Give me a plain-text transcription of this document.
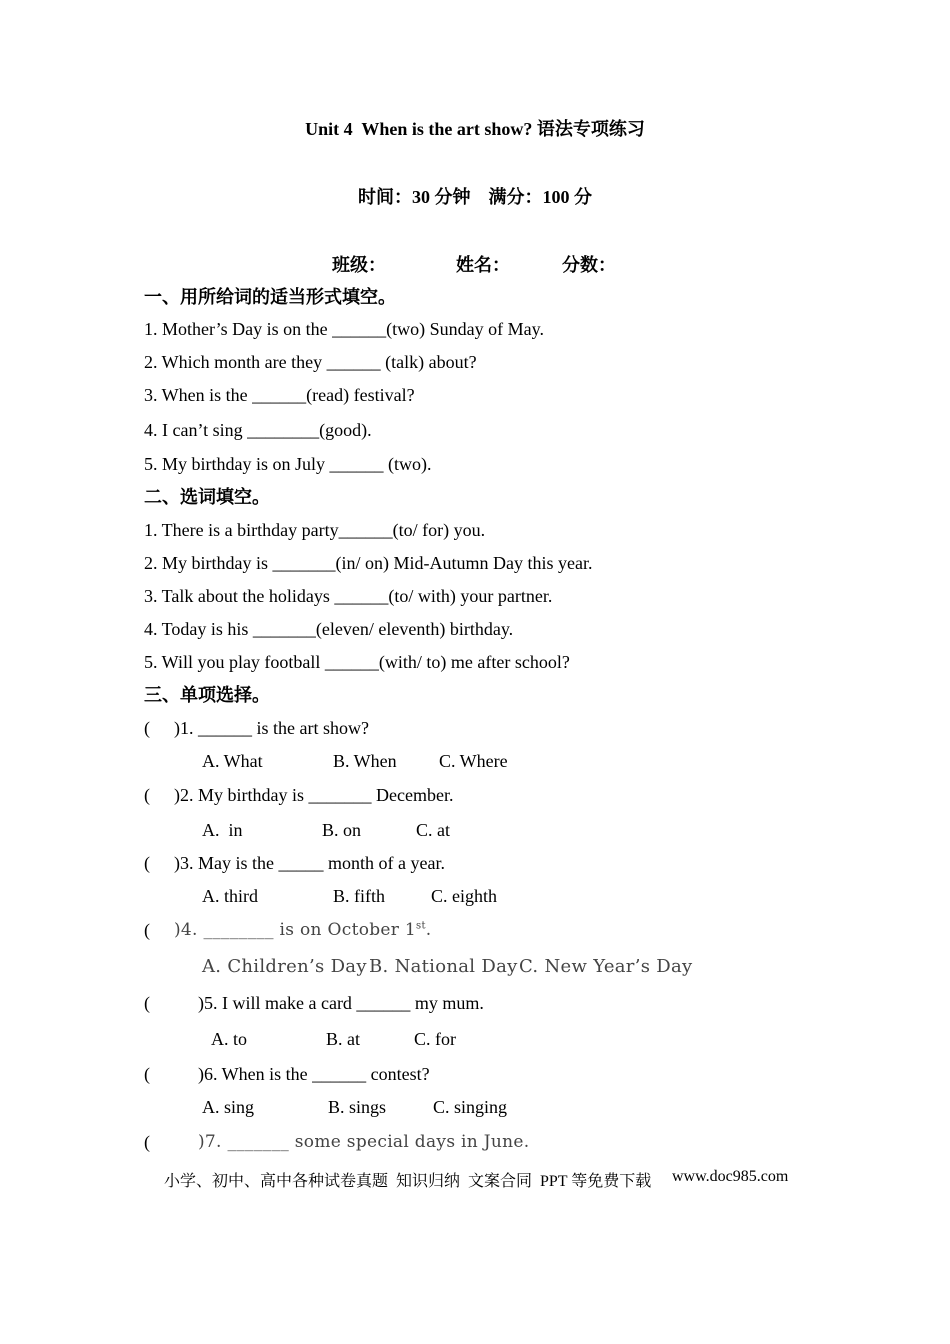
Unit 4  When is the art show? 语法专项练习
时间：30 分钟    满分：100 分
班级：	姓名：	分数：
一、用所给词的适当形式填空。
1. Mother’s Day is on the ______(two) Sunday of May.
2. Which month are they ______ (talk) about?
3. When is the ______(read) festival?
4. I can’t sing ________(good).
5. My birthday is on July ______ (two).
二、选词填空。
1. There is a birthday party______(to/ for) you.
2. My birthday is _______(in/ on) Mid-Autumn Day this year.
3. Talk about the holidays ______(to/ with) your partner.
4. Today is his _______(eleven/ eleventh) birthday.
5. Will you play football ______(with/ to) me after school?
三、单项选择。
( )1. ______ is the art show?
A. What	B. When C. Where
( )2. My birthday is _______ December.
A.  in	B. on	C. at
( )3. May is the _____ month of a year.
A. third	B. fifth	C. eighth
( )4. ________ is on October 1st.
A. Children’s Day B. National Day C. New Year’s Day
(	)5. I will make a card ______ my mum.
A. to	B. at	C. for
(	)6. When is the ______ contest?
A. sing	B. sings	C. singing
(	)7. _______ some special days in June.
小学、初中、高中各种试卷真题  知识归纳  文案合同  PPT 等免费下载 www.doc985.com
